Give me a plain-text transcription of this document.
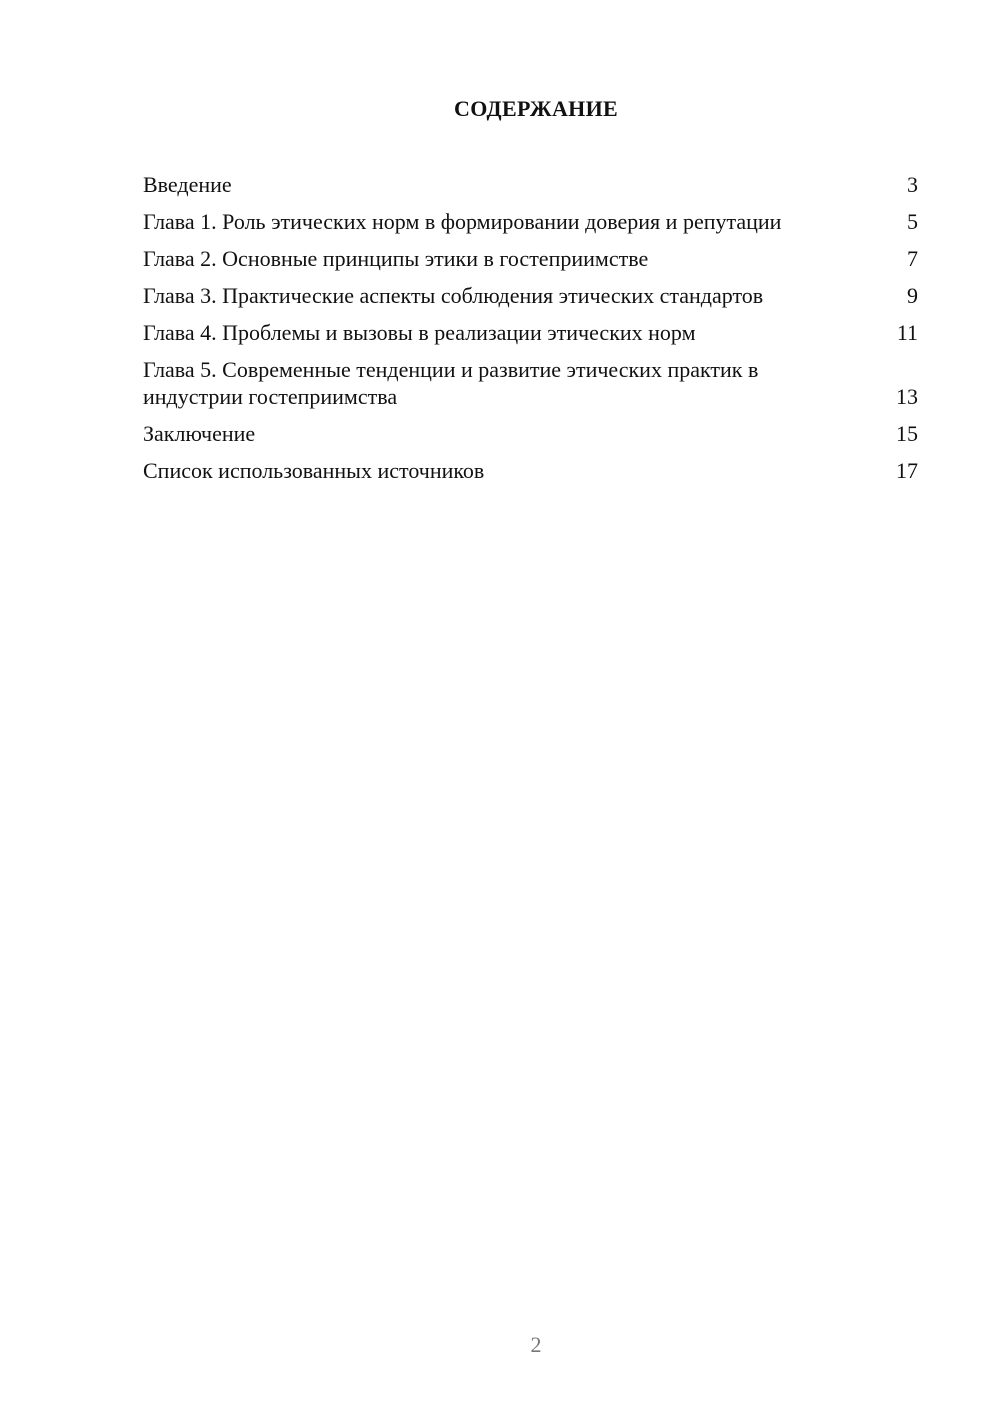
СОДЕРЖАНИЕ
Введение	3
Глава 1. Роль этических норм в формировании доверия и репутации	5
Глава 2. Основные принципы этики в гостеприимстве	7
Глава 3. Практические аспекты соблюдения этических стандартов	9
Глава 4. Проблемы и вызовы в реализации этических норм	11
Глава 5. Современные тенденции и развитие этических практик в индустрии гостеприимства	13
Заключение	15
Список использованных источников	17
2
